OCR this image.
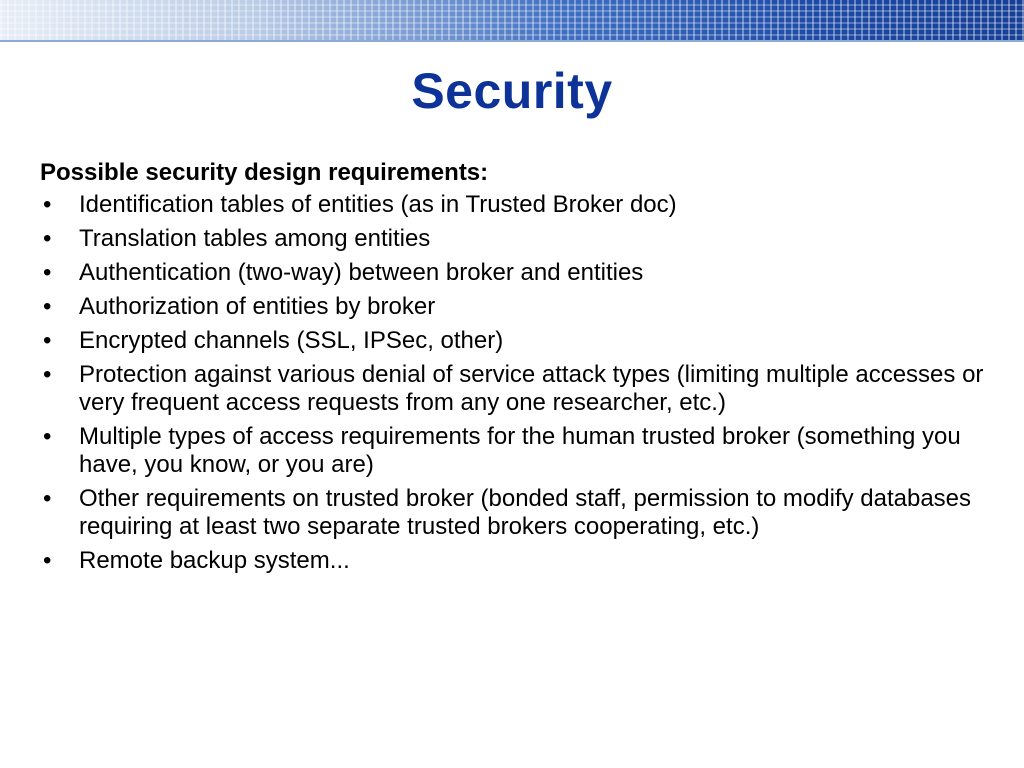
Security
Possible security design requirements:
• Identification tables of entities (as in Trusted Broker doc)
• Translation tables among entities
• Authentication (two-way) between broker and entities
• Authorization of entities by broker
• Encrypted channels (SSL, IPSec, other)
• Protection against various denial of service attack types (limiting multiple accesses or very frequent access requests from any one researcher, etc.)
• Multiple types of access requirements for the human trusted broker (something you have, you know, or you are)
• Other requirements on trusted broker (bonded staff, permission to modify databases requiring at least two separate trusted brokers cooperating, etc.)
• Remote backup system...
